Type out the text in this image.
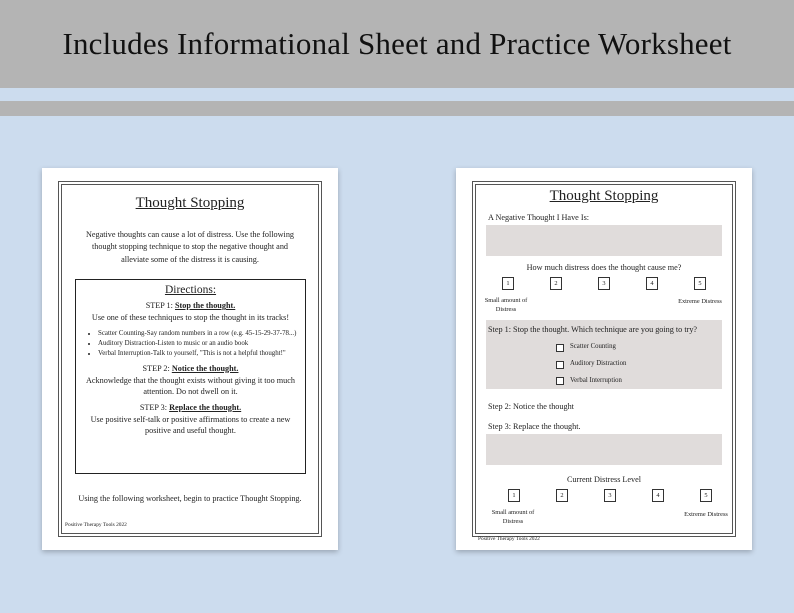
Includes Informational Sheet and Practice Worksheet
Thought Stopping
Negative thoughts can cause a lot of distress. Use the following thought stopping technique to stop the negative thought and alleviate some of the distress it is causing.
Directions:
STEP 1: Stop the thought.
Use one of these techniques to stop the thought in its tracks!
• Scatter Counting-Say random numbers in a row (e.g. 45-15-29-37-78...)
• Auditory Distraction-Listen to music or an audio book
• Verbal Interruption-Talk to yourself, "This is not a helpful thought!"
STEP 2: Notice the thought.
Acknowledge that the thought exists without giving it too much attention. Do not dwell on it.
STEP 3: Replace the thought.
Use positive self-talk or positive affirmations to create a new positive and useful thought.
Using the following worksheet, begin to practice Thought Stopping.
Positive Therapy Tools 2022
Thought Stopping
A Negative Thought I Have Is:
How much distress does the thought cause me?
1	2	3	4	5
Small amount of Distress
Extreme Distress
Step 1: Stop the thought. Which technique are you going to try?
Scatter Counting
Auditory Distraction
Verbal Interruption
Step 2: Notice the thought
Step 3: Replace the thought.
Current Distress Level
1	2	3	4	5
Small amount of Distress
Extreme Distress
Positive Therapy Tools 2022
